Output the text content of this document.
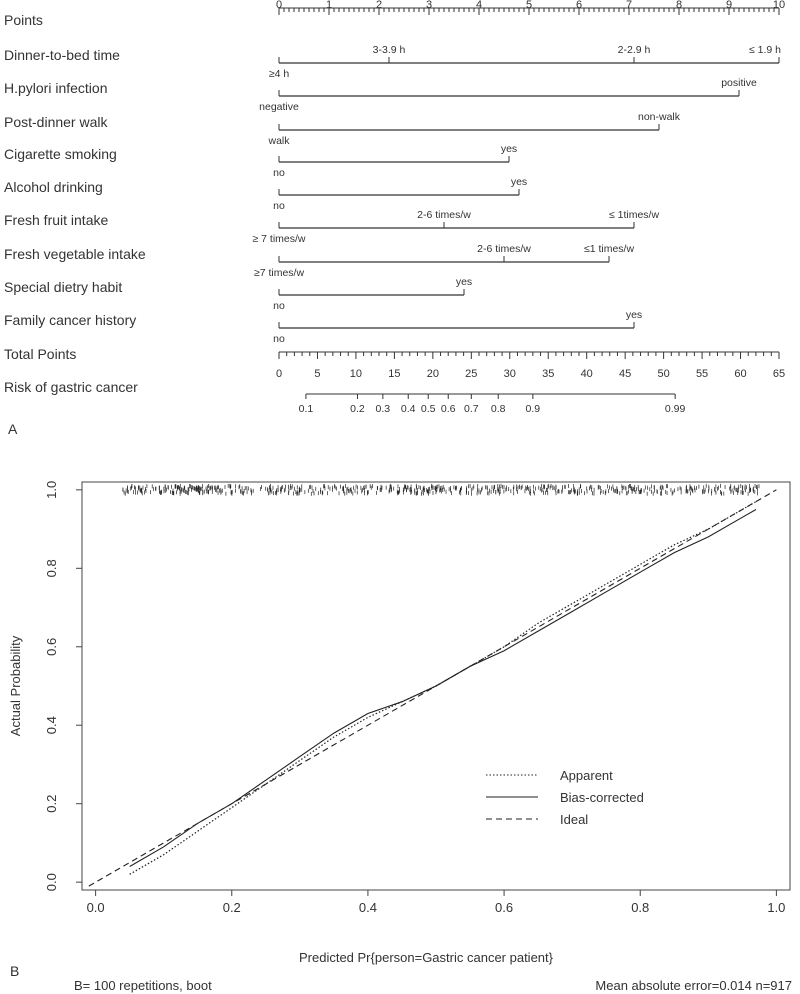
Points
0	1	2	3	4	5	6	7	8	9	10
Dinner-to-bed time
≥4 h
3-3.9 h	2-2.9 h	≤ 1.9 h
H.pylori infection
negative
positive
Post-dinner walk
walk
non-walk
Cigarette smoking
no
yes
Alcohol drinking
no
yes
Fresh fruit intake
≥ 7 times/w
2-6 times/w	≤ 1times/w
Fresh vegetable intake
≥7 times/w
2-6 times/w	≤1 times/w
Special dietry habit
no
yes
Family cancer history
no
yes
Total Points
0	5	10 15 20 25 30 35 40 45 50 55 60 65
Risk of gastric cancer
0.1	0.2 0.3 0.4 0.5 0.6 0.7 0.8 0.9	0.99
A
0.0
0.0
0.2
0.2
0.4
0.4
0.6
0.6
0.8
0.8
1.0
1.0
Predicted Pr{person=Gastric cancer patient}
Actual Probability
Apparent
Bias-corrected
Ideal
B
B= 100 repetitions, boot	Mean absolute error=0.014 n=917
